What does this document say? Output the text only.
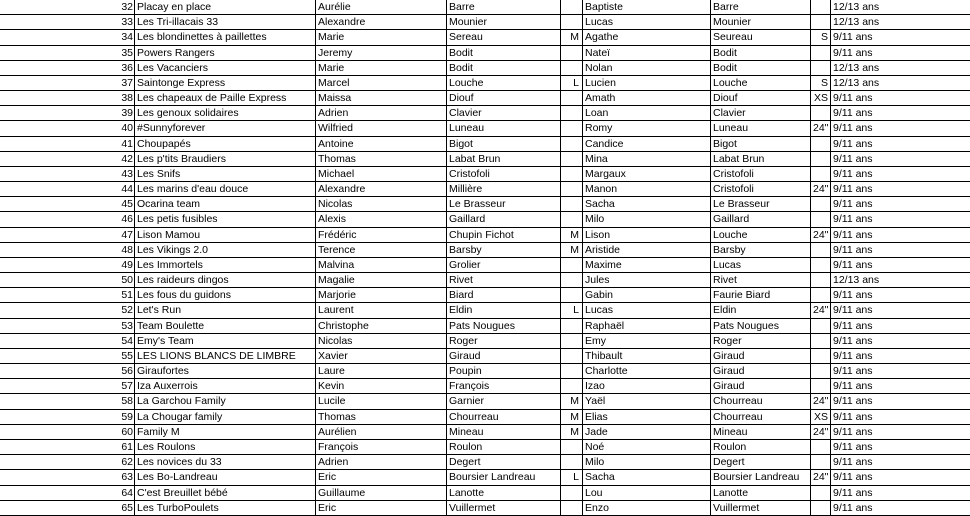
32 Placay en place	Aurélie	Barre	Baptiste	Barre	12/13 ans
33 Les Tri-illacais 33	Alexandre	Mounier	Lucas	Mounier	12/13 ans
34 Les blondinettes à paillettes	Marie	Sereau	M Agathe	Seureau	S 9/11 ans
35 Powers Rangers	Jeremy	Bodit	Nateï	Bodit	9/11 ans
36 Les Vacanciers	Marie	Bodit	Nolan	Bodit	12/13 ans
37 Saintonge Express	Marcel	Louche	L Lucien	Louche	S 12/13 ans
38 Les chapeaux de Paille Express	Maissa	Diouf	Amath	Diouf	XS 9/11 ans
39 Les genoux solidaires	Adrien	Clavier	Loan	Clavier	9/11 ans
40 #Sunnyforever	Wilfried	Luneau	Romy	Luneau	24" 9/11 ans
41 Choupapés	Antoine	Bigot	Candice	Bigot	9/11 ans
42 Les p'tits Braudiers	Thomas	Labat Brun	Mina	Labat Brun	9/11 ans
43 Les Snifs	Michael	Cristofoli	Margaux	Cristofoli	9/11 ans
44 Les marins d'eau douce	Alexandre	Millière	Manon	Cristofoli	24" 9/11 ans
45 Ocarina team	Nicolas	Le Brasseur	Sacha	Le Brasseur	9/11 ans
46 Les petis fusibles	Alexis	Gaillard	Milo	Gaillard	9/11 ans
47 Lison Mamou	Frédéric	Chupin Fichot	M Lison	Louche	24" 9/11 ans
48 Les Vikings 2.0	Terence	Barsby	M Aristide	Barsby	9/11 ans
49 Les Immortels	Malvina	Grolier	Maxime	Lucas	9/11 ans
50 Les raideurs dingos	Magalie	Rivet	Jules	Rivet	12/13 ans
51 Les fous du guidons	Marjorie	Biard	Gabin	Faurie Biard	9/11 ans
52 Let's Run	Laurent	Eldin	L Lucas	Eldin	24" 9/11 ans
53 Team Boulette	Christophe	Pats Nougues	Raphaël	Pats Nougues	9/11 ans
54 Emy's Team	Nicolas	Roger	Emy	Roger	9/11 ans
55 LES LIONS BLANCS DE LIMBRE	Xavier	Giraud	Thibault	Giraud	9/11 ans
56 Giraufortes	Laure	Poupin	Charlotte	Giraud	9/11 ans
57 Iza Auxerrois	Kevin	François	Izao	Giraud	9/11 ans
58 La Garchou Family	Lucile	Garnier	M Yaël	Chourreau	24" 9/11 ans
59 La Chougar family	Thomas	Chourreau	M Elias	Chourreau	XS 9/11 ans
60 Family M	Aurélien	Mineau	M Jade	Mineau	24" 9/11 ans
61 Les Roulons	François	Roulon	Noé	Roulon	9/11 ans
62 Les novices du 33	Adrien	Degert	Milo	Degert	9/11 ans
63 Les Bo-Landreau	Eric	Boursier Landreau	L Sacha	Boursier Landreau	24" 9/11 ans
64 C'est Breuillet bébé	Guillaume	Lanotte	Lou	Lanotte	9/11 ans
65 Les TurboPoulets	Eric	Vuillermet	Enzo	Vuillermet	9/11 ans
